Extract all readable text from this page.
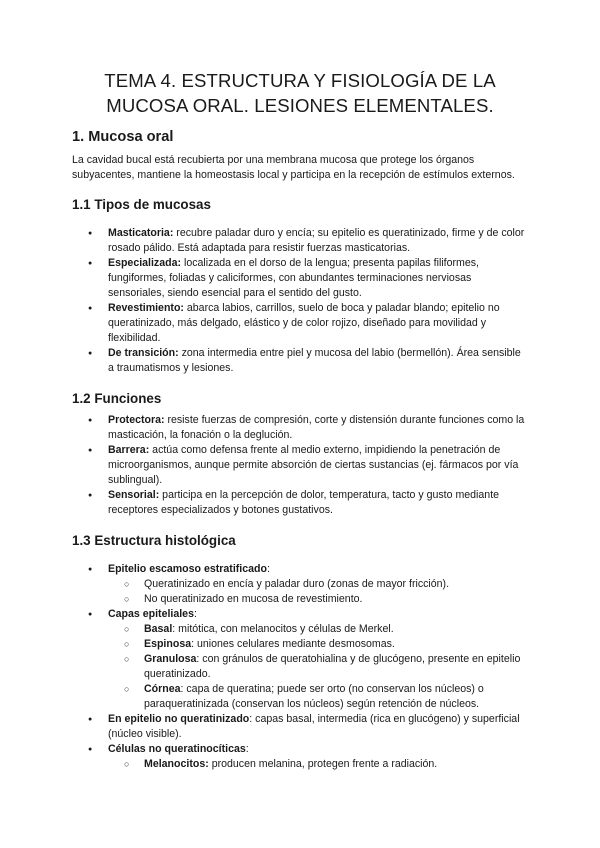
TEMA 4. ESTRUCTURA Y FISIOLOGÍA DE LA MUCOSA ORAL. LESIONES ELEMENTALES.
1. Mucosa oral

La cavidad bucal está recubierta por una membrana mucosa que protege los órganos subyacentes, mantiene la homeostasis local y participa en la recepción de estímulos externos.

1.1 Tipos de mucosas
● Masticatoria: recubre paladar duro y encía; su epitelio es queratinizado, firme y de color rosado pálido. Está adaptada para resistir fuerzas masticatorias.
● Especializada: localizada en el dorso de la lengua; presenta papilas filiformes, fungiformes, foliadas y caliciformes, con abundantes terminaciones nerviosas sensoriales, siendo esencial para el sentido del gusto.
● Revestimiento: abarca labios, carrillos, suelo de boca y paladar blando; epitelio no queratinizado, más delgado, elástico y de color rojizo, diseñado para movilidad y flexibilidad.
● De transición: zona intermedia entre piel y mucosa del labio (bermellón). Área sensible a traumatismos y lesiones.
1.2 Funciones
● Protectora: resiste fuerzas de compresión, corte y distensión durante funciones como la masticación, la fonación o la deglución.
● Barrera: actúa como defensa frente al medio externo, impidiendo la penetración de microorganismos, aunque permite absorción de ciertas sustancias (ej. fármacos por vía sublingual).
● Sensorial: participa en la percepción de dolor, temperatura, tacto y gusto mediante receptores especializados y botones gustativos.
1.3 Estructura histológica
● Epitelio escamoso estratificado:
○ Queratinizado en encía y paladar duro (zonas de mayor fricción).
○ No queratinizado en mucosa de revestimiento.
● Capas epiteliales:
○ Basal: mitótica, con melanocitos y células de Merkel.
○ Espinosa: uniones celulares mediante desmosomas.
○ Granulosa: con gránulos de queratohialina y de glucógeno, presente en epitelio queratinizado.
○ Córnea: capa de queratina; puede ser orto (no conservan los núcleos) o paraqueratinizada (conservan los núcleos) según retención de núcleos.
● En epitelio no queratinizado: capas basal, intermedia (rica en glucógeno) y superficial (núcleo visible).
● Células no queratinocíticas:
○ Melanocitos: producen melanina, protegen frente a radiación.
